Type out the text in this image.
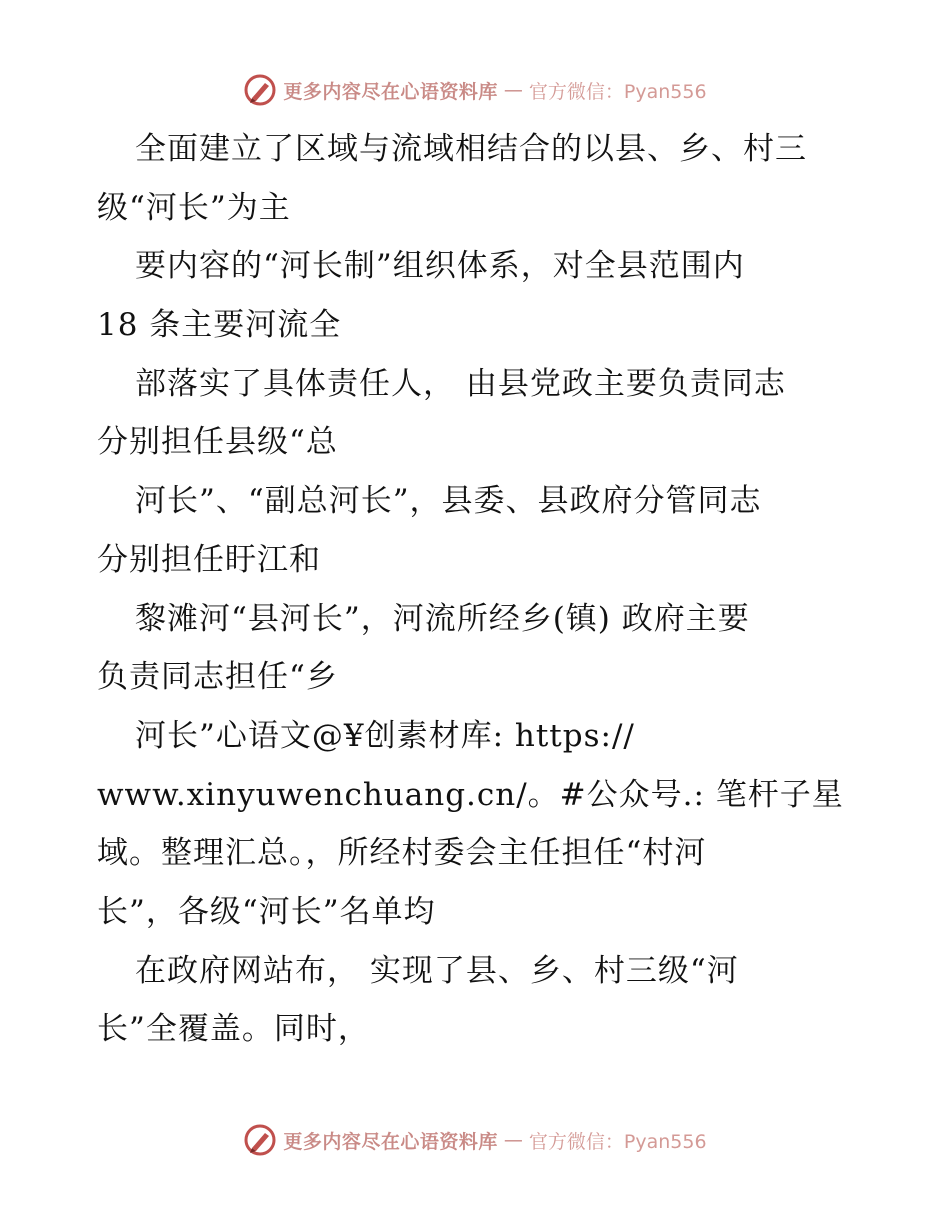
更多内容尽在心语资料库 — 官方微信：Pyan556
全面建立了区域与流域相结合的以县、乡、村三
级“河长”为主
要内容的“河长制”组织体系，对全县范围内
18 条主要河流全
部落实了具体责任人， 由县党政主要负责同志
分别担任县级“总
河长”、“副总河长”，县委、县政府分管同志
分别担任盱江和
黎滩河“县河长”，河流所经乡(镇) 政府主要
负责同志担任“乡
河长”心语文@¥创素材库: https://
www.xinyuwenchuang.cn/。#公众号.: 笔杆子星
域。整理汇总。，所经村委会主任担任“村河
长”，各级“河长”名单均
在政府网站布， 实现了县、乡、村三级“河
长”全覆盖。同时，
更多内容尽在心语资料库 — 官方微信：Pyan556
